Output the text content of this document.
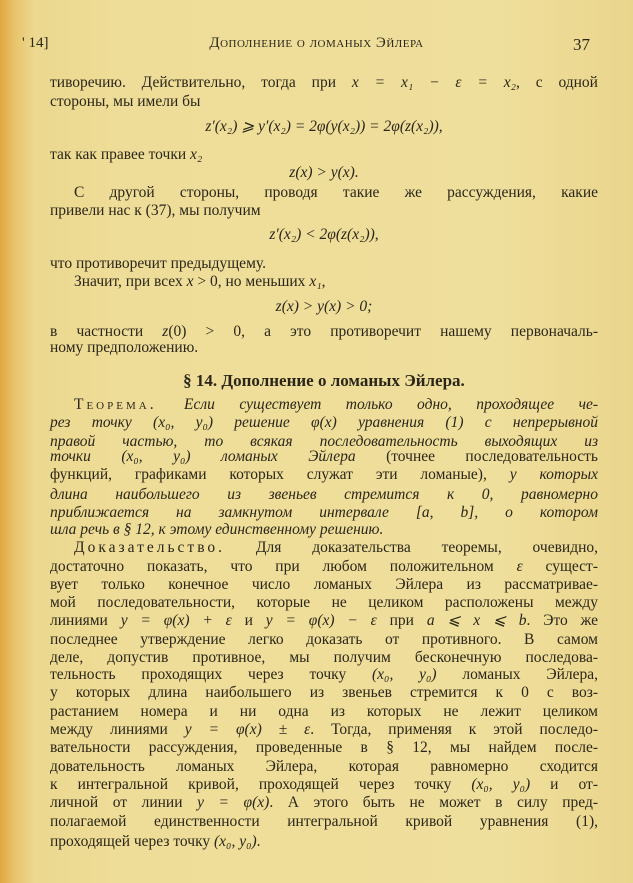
' 14]	Дополнение о ломаных Эйлера	37
тиворечию. Действительно, тогда при x = x₁ − ε = x₂, с одной
стороны, мы имели бы
z′(x₂) ⩾ y′(x₂) = 2φ(y(x₂)) = 2φ(z(x₂)),
так как правее точки x₂
z(x) > y(x).
С другой стороны, проводя такие же рассуждения, какие
привели нас к (37), мы получим
z′(x₂) < 2φ(z(x₂)),
что противоречит предыдущему.
Значит, при всех x > 0, но меньших x₁,
z(x) > y(x) > 0;
в частности z(0) > 0, а это противоречит нашему первоначаль-
ному предположению.
§ 14. Дополнение о ломаных Эйлера.
Теорема. Если существует только одно, проходящее че-
рез точку (x₀, y₀) решение φ(x) уравнения (1) с непрерывной
правой частью, то всякая последовательность выходящих из
точки (x₀, y₀) ломаных Эйлера (точнее последовательность
функций, графиками которых служат эти ломаные), у которых
длина наибольшего из звеньев стремится к 0, равномерно
приближается на замкнутом интервале [a, b], о котором
шла речь в § 12, к этому единственному решению.
Доказательство. Для доказательства теоремы, очевидно,
достаточно показать, что при любом положительном ε сущест-
вует только конечное число ломаных Эйлера из рассматривае-
мой последовательности, которые не целиком расположены между
линиями y = φ(x) + ε и y = φ(x) − ε при a ⩽ x ⩽ b. Это же
последнее утверждение легко доказать от противного. В самом
деле, допустив противное, мы получим бесконечную последова-
тельность проходящих через точку (x₀, y₀) ломаных Эйлера,
у которых длина наибольшего из звеньев стремится к 0 с воз-
растанием номера и ни одна из которых не лежит целиком
между линиями y = φ(x) ± ε. Тогда, применяя к этой последо-
вательности рассуждения, проведенные в § 12, мы найдем после-
довательность ломаных Эйлера, которая равномерно сходится
к интегральной кривой, проходящей через точку (x₀, y₀) и от-
личной от линии y = φ(x). А этого быть не может в силу пред-
полагаемой единственности интегральной кривой уравнения (1),
проходящей через точку (x₀, y₀).
